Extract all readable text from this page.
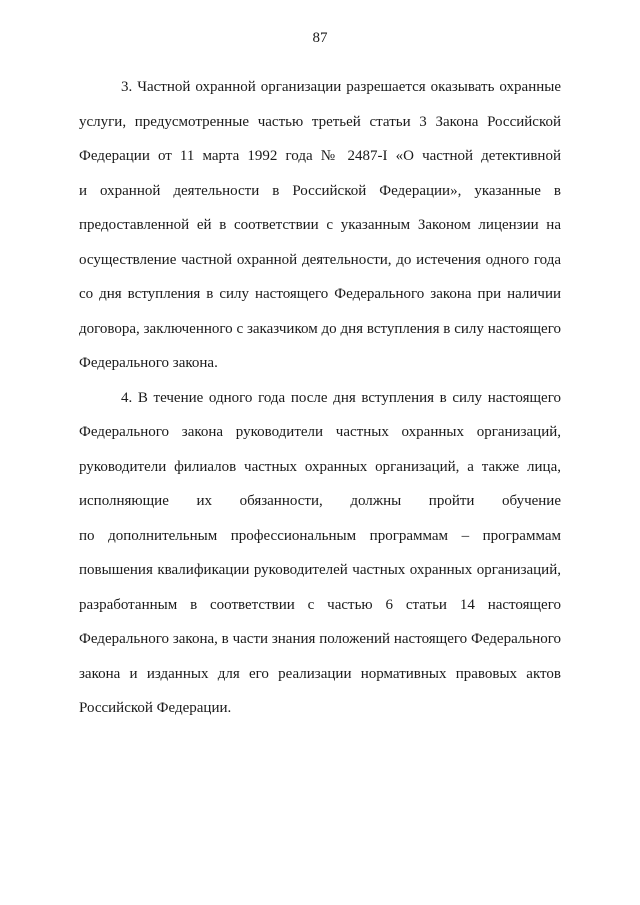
87
3. Частной охранной организации разрешается оказывать охранные
услуги, предусмотренные частью третьей статьи 3 Закона Российской
Федерации от 11 марта 1992 года № 2487-I «О частной детективной
и охранной деятельности в Российской Федерации», указанные в
предоставленной ей в соответствии с указанным Законом лицензии на
осуществление частной охранной деятельности, до истечения одного года
со дня вступления в силу настоящего Федерального закона при наличии
договора, заключенного с заказчиком до дня вступления в силу настоящего
Федерального закона.
4. В течение одного года после дня вступления в силу настоящего
Федерального закона руководители частных охранных организаций,
руководители филиалов частных охранных организаций, а также лица,
исполняющие их обязанности, должны пройти обучение
по дополнительным профессиональным программам – программам
повышения квалификации руководителей частных охранных организаций,
разработанным в соответствии с частью 6 статьи 14 настоящего
Федерального закона, в части знания положений настоящего Федерального
закона и изданных для его реализации нормативных правовых актов
Российской Федерации.
